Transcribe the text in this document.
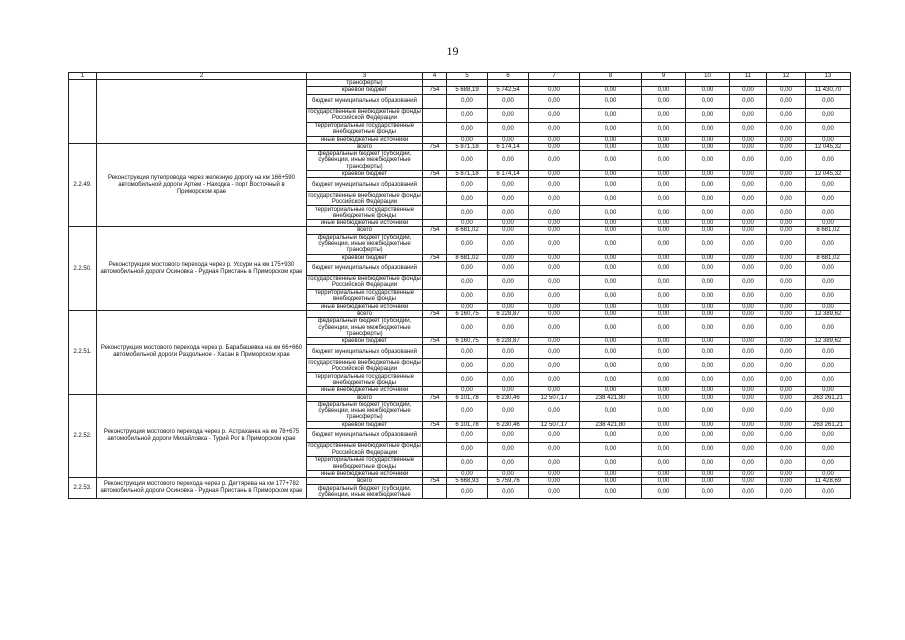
19
1	2	3	4	5	6	7	8	9	10	11	12	13
		трансферты)										
		краевой бюджет	754	5 688,19	5 742,54	0,00	0,00	0,00	0,00	0,00	0,00	11 430,70
		бюджет муниципальных образований		0,00	0,00	0,00	0,00	0,00	0,00	0,00	0,00	0,00
		государственные внебюджетные фонды Российской Федерации		0,00	0,00	0,00	0,00	0,00	0,00	0,00	0,00	0,00
		территориальные государственные внебюджетные фонды		0,00	0,00	0,00	0,00	0,00	0,00	0,00	0,00	0,00
		иные внебюджетные источники		0,00	0,00	0,00	0,00	0,00	0,00	0,00	0,00	0,00
2.2.49.	Реконструкция путепровода через железную дорогу на км 166+590 автомобильной дороги Артем - Находка - порт Восточный в Приморском крае	всего	754	5 871,18	6 174,14	0,00	0,00	0,00	0,00	0,00	0,00	12 045,32
		федеральный бюджет (субсидии, субвенции, иные межбюджетные трансферты)		0,00	0,00	0,00	0,00	0,00	0,00	0,00	0,00	0,00
		краевой бюджет	754	5 871,18	6 174,14	0,00	0,00	0,00	0,00	0,00	0,00	12 045,32
		бюджет муниципальных образований		0,00	0,00	0,00	0,00	0,00	0,00	0,00	0,00	0,00
		государственные внебюджетные фонды Российской Федерации		0,00	0,00	0,00	0,00	0,00	0,00	0,00	0,00	0,00
		территориальные государственные внебюджетные фонды		0,00	0,00	0,00	0,00	0,00	0,00	0,00	0,00	0,00
		иные внебюджетные источники		0,00	0,00	0,00	0,00	0,00	0,00	0,00	0,00	0,00
2.2.50.	Реконструкция мостового перехода через р. Уссури на км 175+930 автомобильной дороги Осиновка - Рудная Пристань в Приморском крае	всего	754	8 681,02	0,00	0,00	0,00	0,00	0,00	0,00	0,00	8 681,02
		федеральный бюджет (субсидии, субвенции, иные межбюджетные трансферты)		0,00	0,00	0,00	0,00	0,00	0,00	0,00	0,00	0,00
		краевой бюджет	754	8 681,02	0,00	0,00	0,00	0,00	0,00	0,00	0,00	8 681,02
		бюджет муниципальных образований		0,00	0,00	0,00	0,00	0,00	0,00	0,00	0,00	0,00
		государственные внебюджетные фонды Российской Федерации		0,00	0,00	0,00	0,00	0,00	0,00	0,00	0,00	0,00
		территориальные государственные внебюджетные фонды		0,00	0,00	0,00	0,00	0,00	0,00	0,00	0,00	0,00
		иные внебюджетные источники		0,00	0,00	0,00	0,00	0,00	0,00	0,00	0,00	0,00
2.2.51.	Реконструкция мостового перехода через р. Барабашевка на км 66+660 автомобильной дороги Раздольное - Хасан в Приморском крае	всего	754	6 160,75	6 228,87	0,00	0,00	0,00	0,00	0,00	0,00	12 389,62
		федеральный бюджет (субсидии, субвенции, иные межбюджетные трансферты)		0,00	0,00	0,00	0,00	0,00	0,00	0,00	0,00	0,00
		краевой бюджет	754	6 160,75	6 228,87	0,00	0,00	0,00	0,00	0,00	0,00	12 389,62
		бюджет муниципальных образований		0,00	0,00	0,00	0,00	0,00	0,00	0,00	0,00	0,00
		государственные внебюджетные фонды Российской Федерации		0,00	0,00	0,00	0,00	0,00	0,00	0,00	0,00	0,00
		территориальные государственные внебюджетные фонды		0,00	0,00	0,00	0,00	0,00	0,00	0,00	0,00	0,00
		иные внебюджетные источники		0,00	0,00	0,00	0,00	0,00	0,00	0,00	0,00	0,00
2.2.52.	Реконструкция мостового перехода через р. Астраханка на км 78+675 автомобильной дороги Михайловка - Турий Рог в Приморском крае	всего	754	6 101,78	6 230,46	12 507,17	238 421,80	0,00	0,00	0,00	0,00	263 261,21
		федеральный бюджет (субсидии, субвенции, иные межбюджетные трансферты)		0,00	0,00	0,00	0,00	0,00	0,00	0,00	0,00	0,00
		краевой бюджет	754	6 101,78	6 230,46	12 507,17	238 421,80	0,00	0,00	0,00	0,00	263 261,21
		бюджет муниципальных образований		0,00	0,00	0,00	0,00	0,00	0,00	0,00	0,00	0,00
		государственные внебюджетные фонды Российской Федерации		0,00	0,00	0,00	0,00	0,00	0,00	0,00	0,00	0,00
		территориальные государственные внебюджетные фонды		0,00	0,00	0,00	0,00	0,00	0,00	0,00	0,00	0,00
		иные внебюджетные источники		0,00	0,00	0,00	0,00	0,00	0,00	0,00	0,00	0,00
2.2.53.	Реконструкция мостового перехода через р. Дегтярева на км 177+782 автомобильной дороги Осиновка - Рудная Пристань в Приморском крае	всего	754	5 668,93	5 759,76	0,00	0,00	0,00	0,00	0,00	0,00	11 428,69
		федеральный бюджет (субсидии, субвенции, иные межбюджетные		0,00	0,00	0,00	0,00	0,00	0,00	0,00	0,00	0,00
